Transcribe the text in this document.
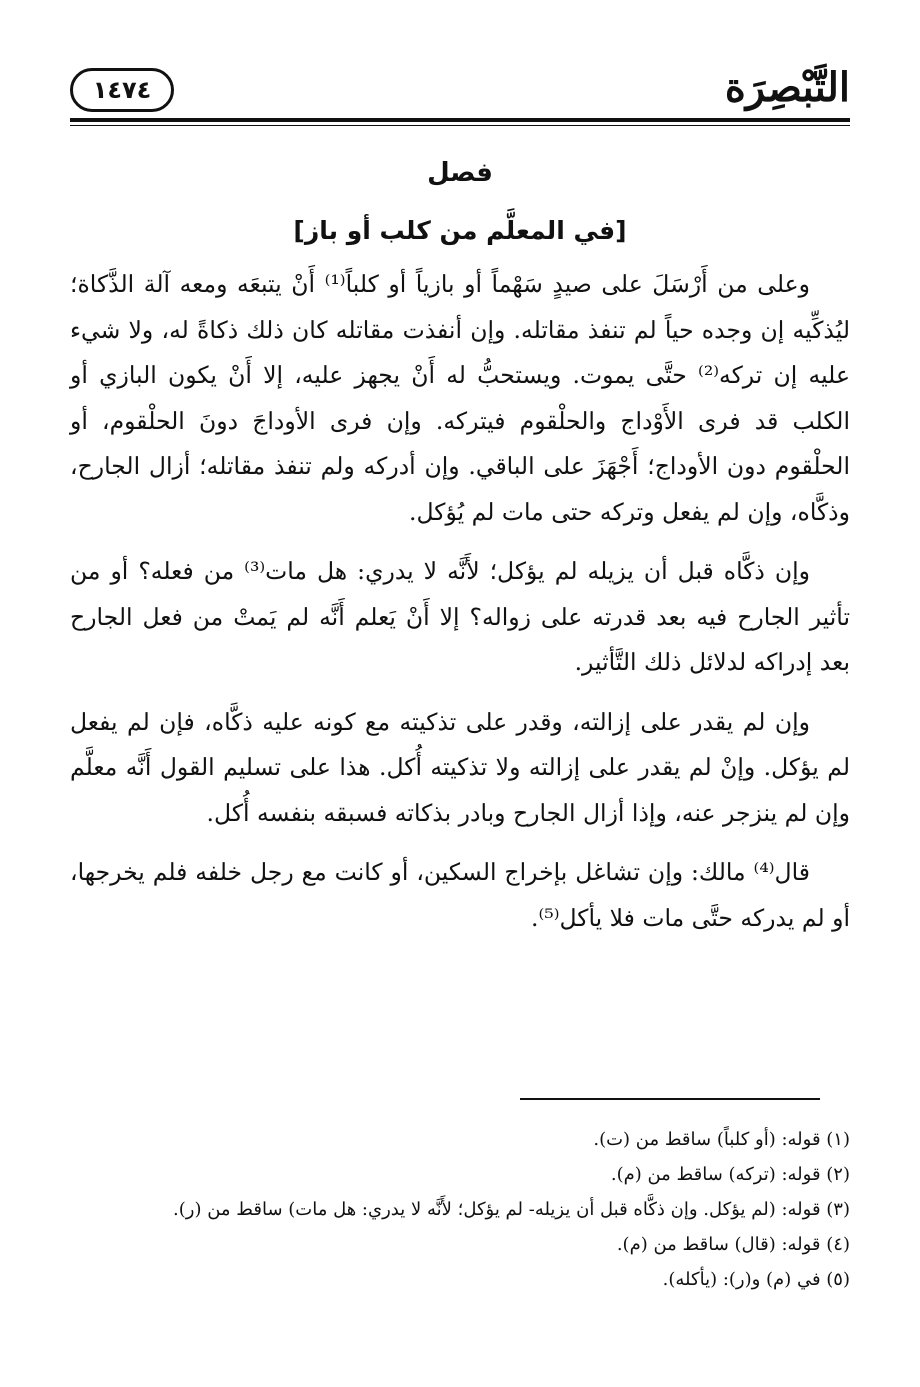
التَّبْصِرَة
١٤٧٤
فصل
[في المعلَّم من كلب أو باز]

وعلى من أَرْسَلَ على صيدٍ سَهْماً أو بازياً أو كلباً⁽¹⁾ أَنْ يتبعَه ومعه آلة الذَّكاة؛ ليُذكِّيه إن وجده حياً لم تنفذ مقاتله. وإن أنفذت مقاتله كان ذلك ذكاةً له، ولا شيء عليه إن تركه⁽²⁾ حتَّى يموت. ويستحبُّ له أَنْ يجهز عليه، إلا أَنْ يكون البازي أو الكلب قد فرى الأَوْداج والحلْقوم فيتركه. وإن فرى الأوداجَ دونَ الحلْقوم، أو الحلْقوم دون الأوداج؛ أَجْهَزَ على الباقي. وإن أدركه ولم تنفذ مقاتله؛ أزال الجارح، وذكَّاه، وإن لم يفعل وتركه حتى مات لم يُؤكل.

وإن ذكَّاه قبل أن يزيله لم يؤكل؛ لأَنَّه لا يدري: هل مات⁽³⁾ من فعله؟ أو من تأثير الجارح فيه بعد قدرته على زواله؟ إلا أَنْ يَعلم أَنَّه لم يَمتْ من فعل الجارح بعد إدراكه لدلائل ذلك التَّأثير.

وإن لم يقدر على إزالته، وقدر على تذكيته مع كونه عليه ذكَّاه، فإن لم يفعل لم يؤكل. وإنْ لم يقدر على إزالته ولا تذكيته أُكل. هذا على تسليم القول أَنَّه معلَّم وإن لم ينزجر عنه، وإذا أزال الجارح وبادر بذكاته فسبقه بنفسه أُكل.

قال⁽⁴⁾ مالك: وإن تشاغل بإخراج السكين، أو كانت مع رجل خلفه فلم يخرجها، أو لم يدركه حتَّى مات فلا يأكل⁽⁵⁾.

(١) قوله: (أو كلباً) ساقط من (ت).
(٢) قوله: (تركه) ساقط من (م).
(٣) قوله: (لم يؤكل. وإن ذكَّاه قبل أن يزيله- لم يؤكل؛ لأَنَّه لا يدري: هل مات) ساقط من (ر).
(٤) قوله: (قال) ساقط من (م).
(٥) في (م) و(ر): (يأكله).
